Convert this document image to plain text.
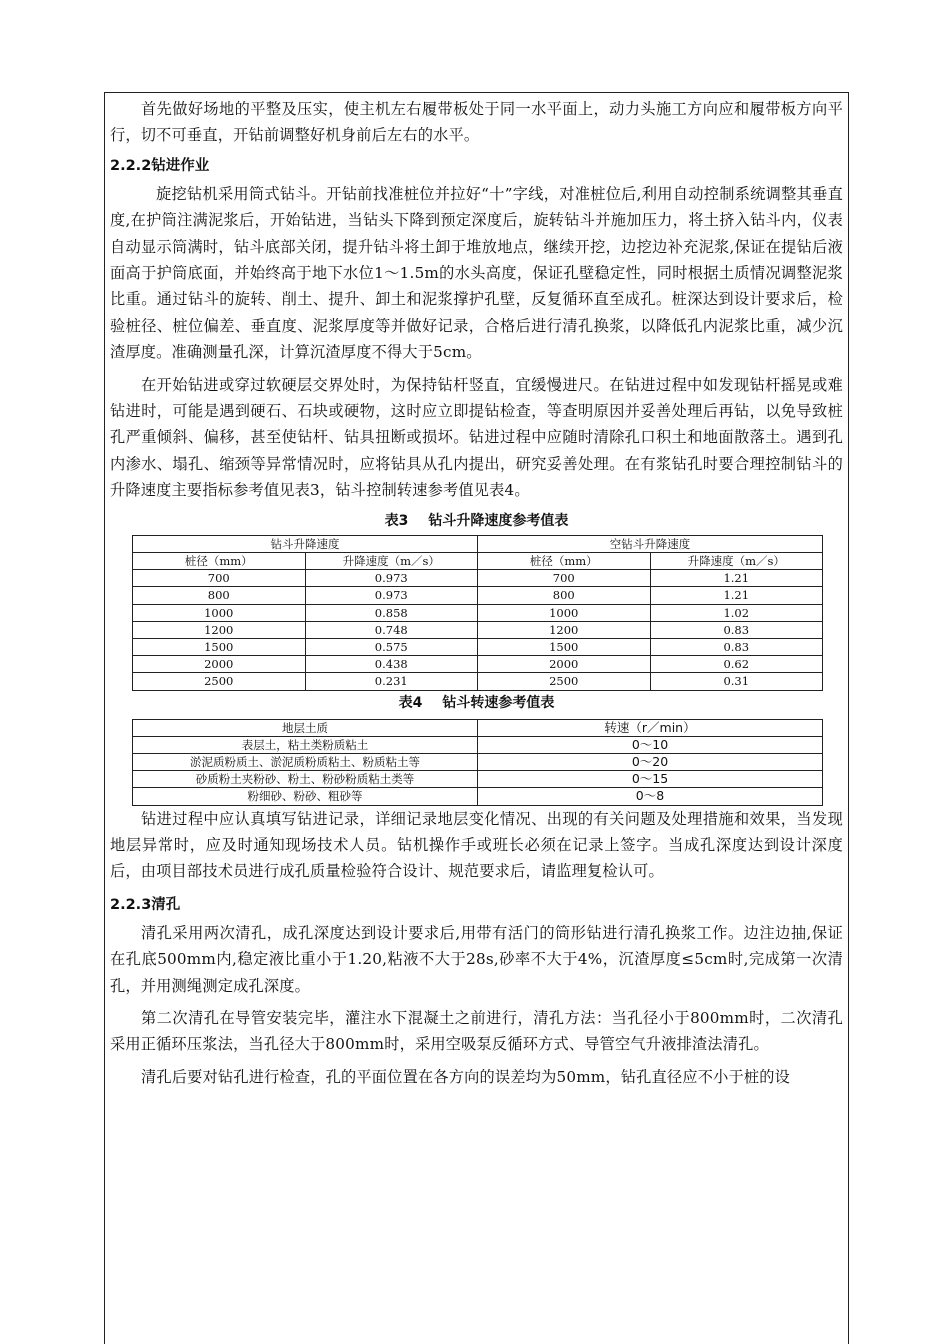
首先做好场地的平整及压实，使主机左右履带板处于同一水平面上，动力头施工方向应和履带板方向平行，切不可垂直，开钻前调整好机身前后左右的水平。

2.2.2钻进作业

旋挖钻机采用筒式钻斗。开钻前找准桩位并拉好“十”字线，对准桩位后,利用自动控制系统调整其垂直度,在护筒注满泥浆后，开始钻进，当钻头下降到预定深度后，旋转钻斗并施加压力，将土挤入钻斗内，仪表自动显示筒满时，钻斗底部关闭，提升钻斗将土卸于堆放地点，继续开挖，边挖边补充泥浆,保证在提钻后液面高于护筒底面，并始终高于地下水位1～1.5m的水头高度，保证孔壁稳定性，同时根据土质情况调整泥浆比重。通过钻斗的旋转、削土、提升、卸土和泥浆撑护孔壁，反复循环直至成孔。桩深达到设计要求后，检验桩径、桩位偏差、垂直度、泥浆厚度等并做好记录，合格后进行清孔换浆，以降低孔内泥浆比重，减少沉渣厚度。准确测量孔深，计算沉渣厚度不得大于5cm。

在开始钻进或穿过软硬层交界处时，为保持钻杆竖直，宜缓慢进尺。在钻进过程中如发现钻杆摇晃或难钻进时，可能是遇到硬石、石块或硬物，这时应立即提钻检查，等查明原因并妥善处理后再钻，以免导致桩孔严重倾斜、偏移，甚至使钻杆、钻具扭断或损坏。钻进过程中应随时清除孔口积土和地面散落土。遇到孔内渗水、塌孔、缩颈等异常情况时，应将钻具从孔内提出，研究妥善处理。在有浆钻孔时要合理控制钻斗的升降速度主要指标参考值见表3，钻斗控制转速参考值见表4。

表3 钻斗升降速度参考值表
钻斗升降速度		空钻斗升降速度	
桩径（mm）	升降速度（m／s）	桩径（mm）	升降速度（m／s）
700	0.973	700	1.21
800	0.973	800	1.21
1000	0.858	1000	1.02
1200	0.748	1200	0.83
1500	0.575	1500	0.83
2000	0.438	2000	0.62
2500	0.231	2500	0.31
表4 钻斗转速参考值表
地层土质	转速（r／min）
表层土，粘土类粉质粘土	0～10
淤泥质粉质土、淤泥质粉质粘土、粉质粘土等	0～20
砂质粉土夹粉砂、粉土、粉砂粉质粘土类等	0～15
粉细砂、粉砂、粗砂等	0～8

钻进过程中应认真填写钻进记录，详细记录地层变化情况、出现的有关问题及处理措施和效果，当发现地层异常时，应及时通知现场技术人员。钻机操作手或班长必须在记录上签字。当成孔深度达到设计深度后，由项目部技术员进行成孔质量检验符合设计、规范要求后，请监理复检认可。

2.2.3清孔

清孔采用两次清孔，成孔深度达到设计要求后,用带有活门的筒形钻进行清孔换浆工作。边注边抽,保证在孔底500mm内,稳定液比重小于1.20,粘液不大于28s,砂率不大于4%，沉渣厚度≤5cm时,完成第一次清孔，并用测绳测定成孔深度。

第二次清孔在导管安装完毕，灌注水下混凝土之前进行，清孔方法：当孔径小于800mm时，二次清孔采用正循环压浆法，当孔径大于800mm时，采用空吸泵反循环方式、导管空气升液排渣法清孔。

清孔后要对钻孔进行检查，孔的平面位置在各方向的误差均为50mm，钻孔直径应不小于桩的设
